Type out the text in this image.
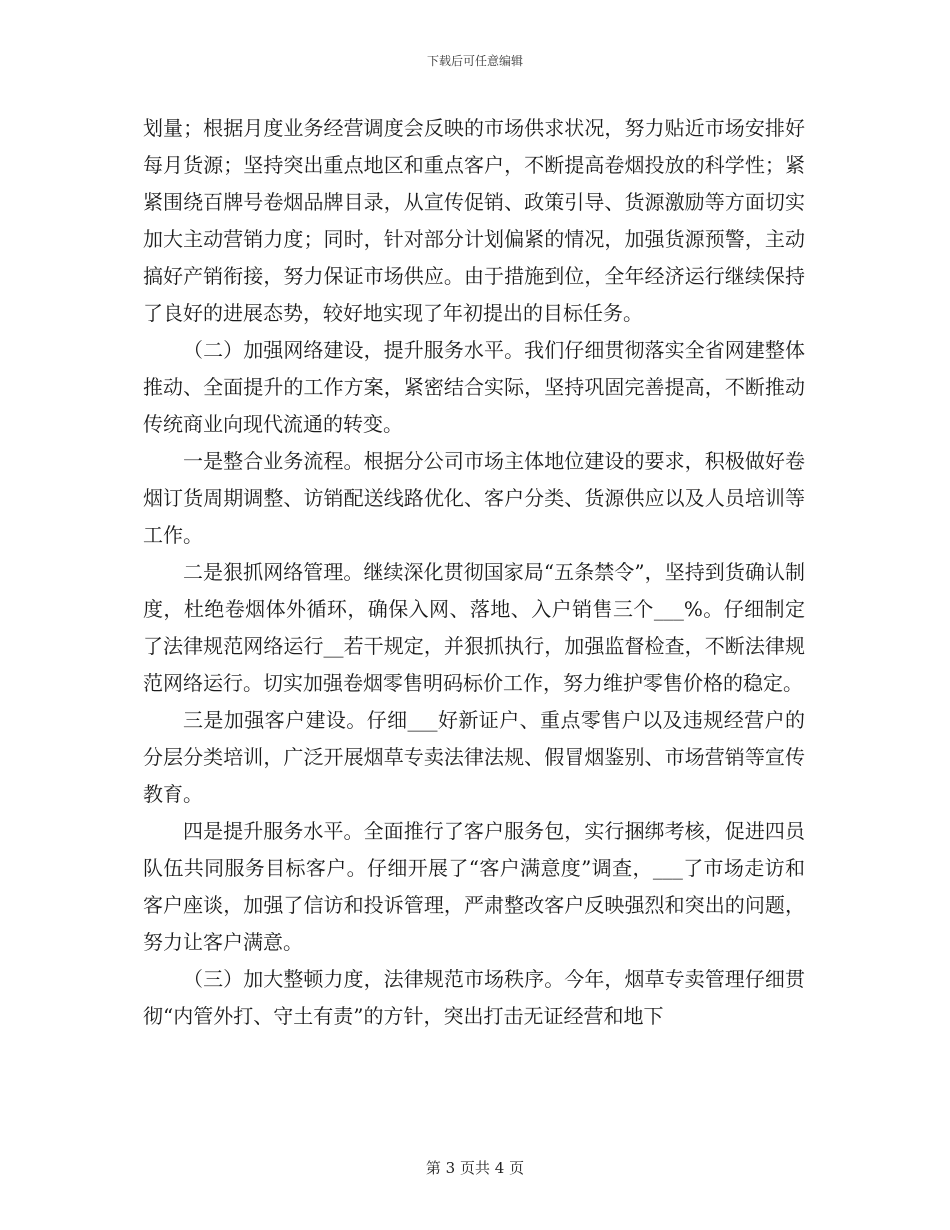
下载后可任意编辑

划量；根据月度业务经营调度会反映的市场供求状况，努力贴近市场安排好每月货源；坚持突出重点地区和重点客户，不断提高卷烟投放的科学性；紧紧围绕百牌号卷烟品牌目录，从宣传促销、政策引导、货源激励等方面切实加大主动营销力度；同时，针对部分计划偏紧的情况，加强货源预警，主动搞好产销衔接，努力保证市场供应。由于措施到位，全年经济运行继续保持了良好的进展态势，较好地实现了年初提出的目标任务。

（二）加强网络建设，提升服务水平。我们仔细贯彻落实全省网建整体推动、全面提升的工作方案，紧密结合实际，坚持巩固完善提高，不断推动传统商业向现代流通的转变。

一是整合业务流程。根据分公司市场主体地位建设的要求，积极做好卷烟订货周期调整、访销配送线路优化、客户分类、货源供应以及人员培训等工作。

二是狠抓网络管理。继续深化贯彻国家局“五条禁令”，坚持到货确认制度，杜绝卷烟体外循环，确保入网、落地、入户销售三个___%。仔细制定了法律规范网络运行__若干规定，并狠抓执行，加强监督检查，不断法律规范网络运行。切实加强卷烟零售明码标价工作，努力维护零售价格的稳定。

三是加强客户建设。仔细___好新证户、重点零售户以及违规经营户的分层分类培训，广泛开展烟草专卖法律法规、假冒烟鉴别、市场营销等宣传教育。

四是提升服务水平。全面推行了客户服务包，实行捆绑考核，促进四员队伍共同服务目标客户。仔细开展了“客户满意度”调查，___了市场走访和客户座谈，加强了信访和投诉管理，严肃整改客户反映强烈和突出的问题，努力让客户满意。

（三）加大整顿力度，法律规范市场秩序。今年，烟草专卖管理仔细贯彻“内管外打、守土有责”的方针，突出打击无证经营和地下

第 3 页共 4 页
